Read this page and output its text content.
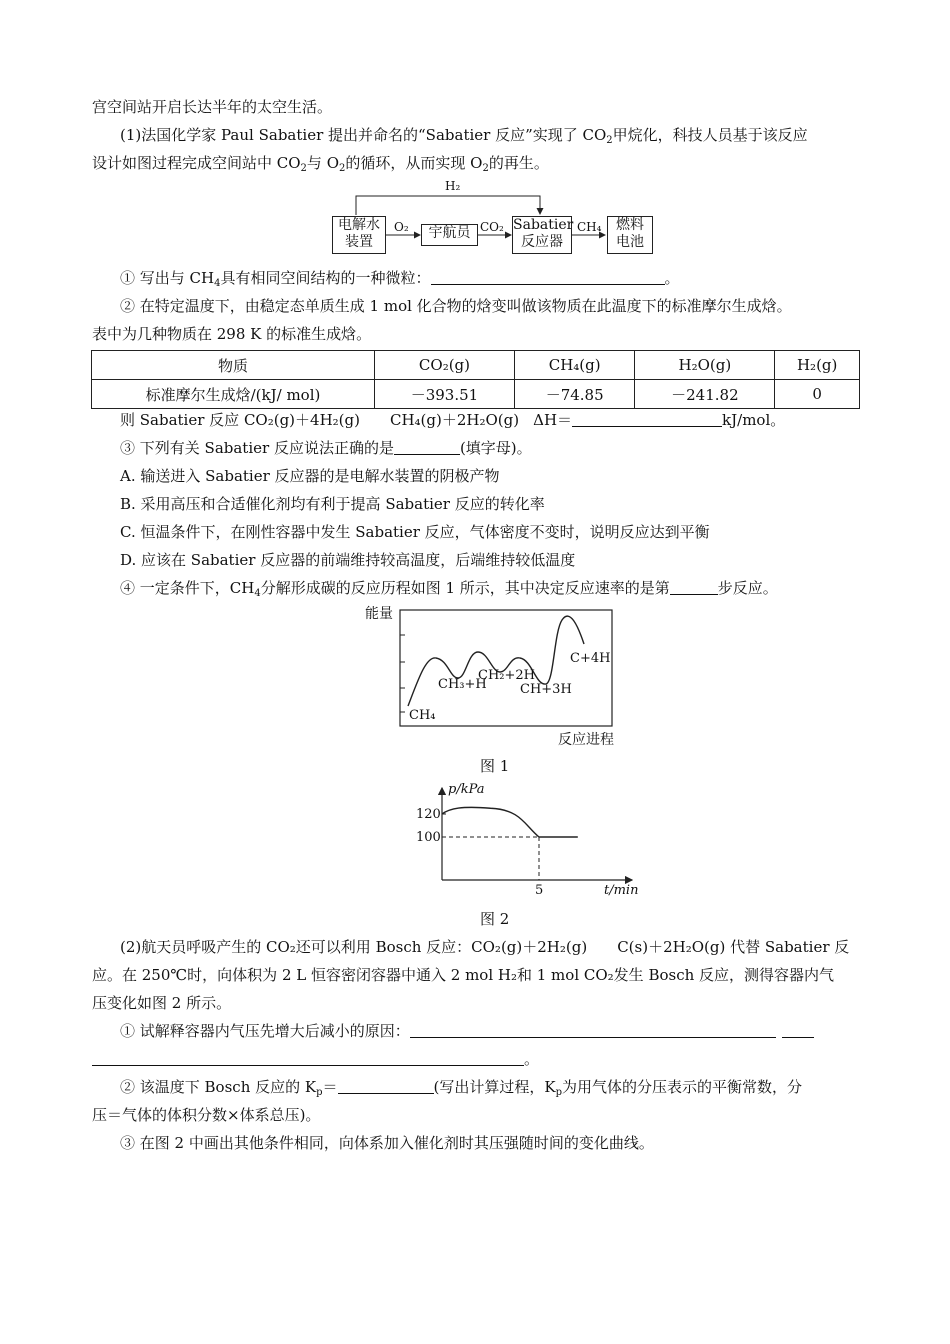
宫空间站开启长达半年的太空生活。
(1)法国化学家 Paul Sabatier 提出并命名的“Sabatier 反应”实现了 $CO_2$甲烷化，科技人员基于该反应
设计如图过程完成空间站中 $CO_2$与 $O_2$的循环，从而实现 $O_2$的再生。
H₂
电解水
装置
O₂	宇航员 CO₂ Sabatier
反应器
CH₄	燃料
电池
① 写出与 $CH_4$具有相同空间结构的一种微粒：	。
② 在特定温度下，由稳定态单质生成 1 mol 化合物的焓变叫做该物质在此温度下的标准摩尔生成焓。
表中为几种物质在 298 K 的标准生成焓。
物质	CO₂(g)	CH₄(g)	H₂O(g)	H₂(g)
标准摩尔生成焓/(kJ/ mol)	－393.51	－74.85	－241.82	0
则 Sabatier 反应 CO₂(g)＋4H₂(g) CH₄(g)＋2H₂O(g) ΔH＝	kJ/mol。
③ 下列有关 Sabatier 反应说法正确的是	(填字母)。
A. 输送进入 Sabatier 反应器的是电解水装置的阴极产物
B. 采用高压和合适催化剂均有利于提高 Sabatier 反应的转化率
C. 恒温条件下，在刚性容器中发生 Sabatier 反应，气体密度不变时，说明反应达到平衡
D. 应该在 Sabatier 反应器的前端维持较高温度，后端维持较低温度
④ 一定条件下，$CH_4$分解形成碳的反应历程如图 1 所示，其中决定反应速率的是第	步反应。
能量
反应进程
CH₄
CH₃+H
CH₂+2H
CH+3H
C+4H
图 1
p/kPa
120
100
5	t/min
图 2
(2)航天员呼吸产生的 CO₂还可以利用 Bosch 反应：CO₂(g)＋2H₂(g) C(s)＋2H₂O(g) 代替 Sabatier 反
应。在 250℃时，向体积为 2 L 恒容密闭容器中通入 2 mol H₂和 1 mol CO₂发生 Bosch 反应，测得容器内气
压变化如图 2 所示。
① 试解释容器内气压先增大后减小的原因：
。
② 该温度下 Bosch 反应的 $K_p=$	(写出计算过程，$K_p$为用气体的分压表示的平衡常数，分
压＝气体的体积分数×体系总压)。
③ 在图 2 中画出其他条件相同，向体系加入催化剂时其压强随时间的变化曲线。
